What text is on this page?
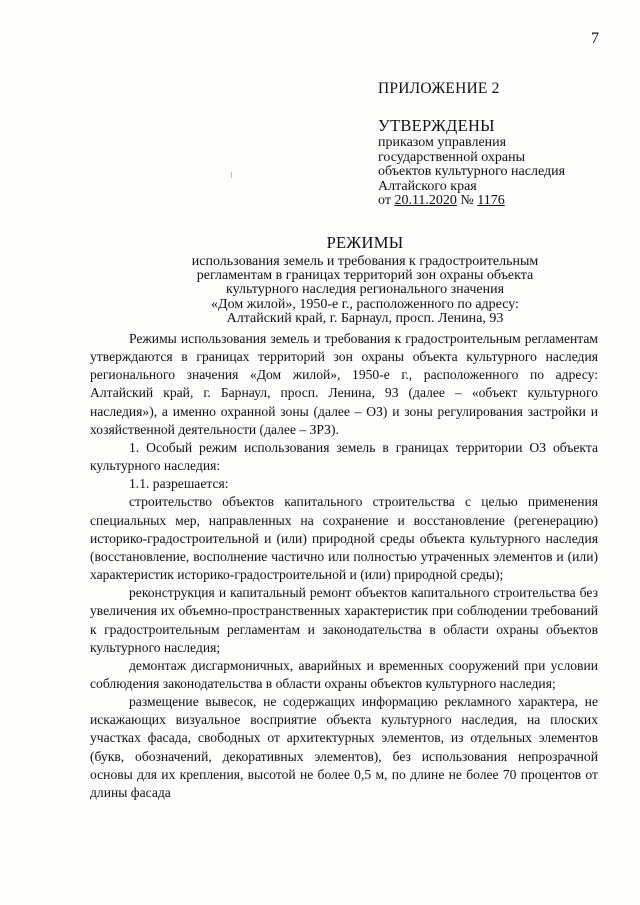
7

ПРИЛОЖЕНИЕ 2

УТВЕРЖДЕНЫ

приказом управления

государственной охраны

объектов культурного наследия

Алтайского края

от 20.11.2020 № 1176

РЕЖИМЫ

использования земель и требования к градостроительным

регламентам в границах территорий зон охраны объекта

культурного наследия регионального значения

«Дом жилой», 1950-е г., расположенного по адресу:

Алтайский край, г. Барнаул, просп. Ленина, 93

Режимы использования земель и требования к градостроительным регламентам утверждаются в границах территорий зон охраны объекта культурного наследия регионального значения «Дом жилой», 1950-е г., расположенного по адресу: Алтайский край, г. Барнаул, просп. Ленина, 93 (далее – «объект культурного наследия»), а именно охранной зоны (далее – ОЗ) и зоны регулирования застройки и хозяйственной деятельности (далее – ЗРЗ).

1. Особый режим использования земель в границах территории ОЗ объекта культурного наследия:

1.1. разрешается:

строительство объектов капитального строительства с целью применения специальных мер, направленных на сохранение и восстановление (регенерацию) историко-градостроительной и (или) природной среды объекта культурного наследия (восстановление, восполнение частично или полностью утраченных элементов и (или) характеристик историко-градостроительной и (или) природной среды);

реконструкция и капитальный ремонт объектов капитального строительства без увеличения их объемно-пространственных характеристик при соблюдении требований к градостроительным регламентам и законодательства в области охраны объектов культурного наследия;

демонтаж дисгармоничных, аварийных и временных сооружений при условии соблюдения законодательства в области охраны объектов культурного наследия;

размещение вывесок, не содержащих информацию рекламного характера, не искажающих визуальное восприятие объекта культурного наследия, на плоских участках фасада, свободных от архитектурных элементов, из отдельных элементов (букв, обозначений, декоративных элементов), без использования непрозрачной основы для их крепления, высотой не более 0,5 м, по длине не более 70 процентов от длины фасада
